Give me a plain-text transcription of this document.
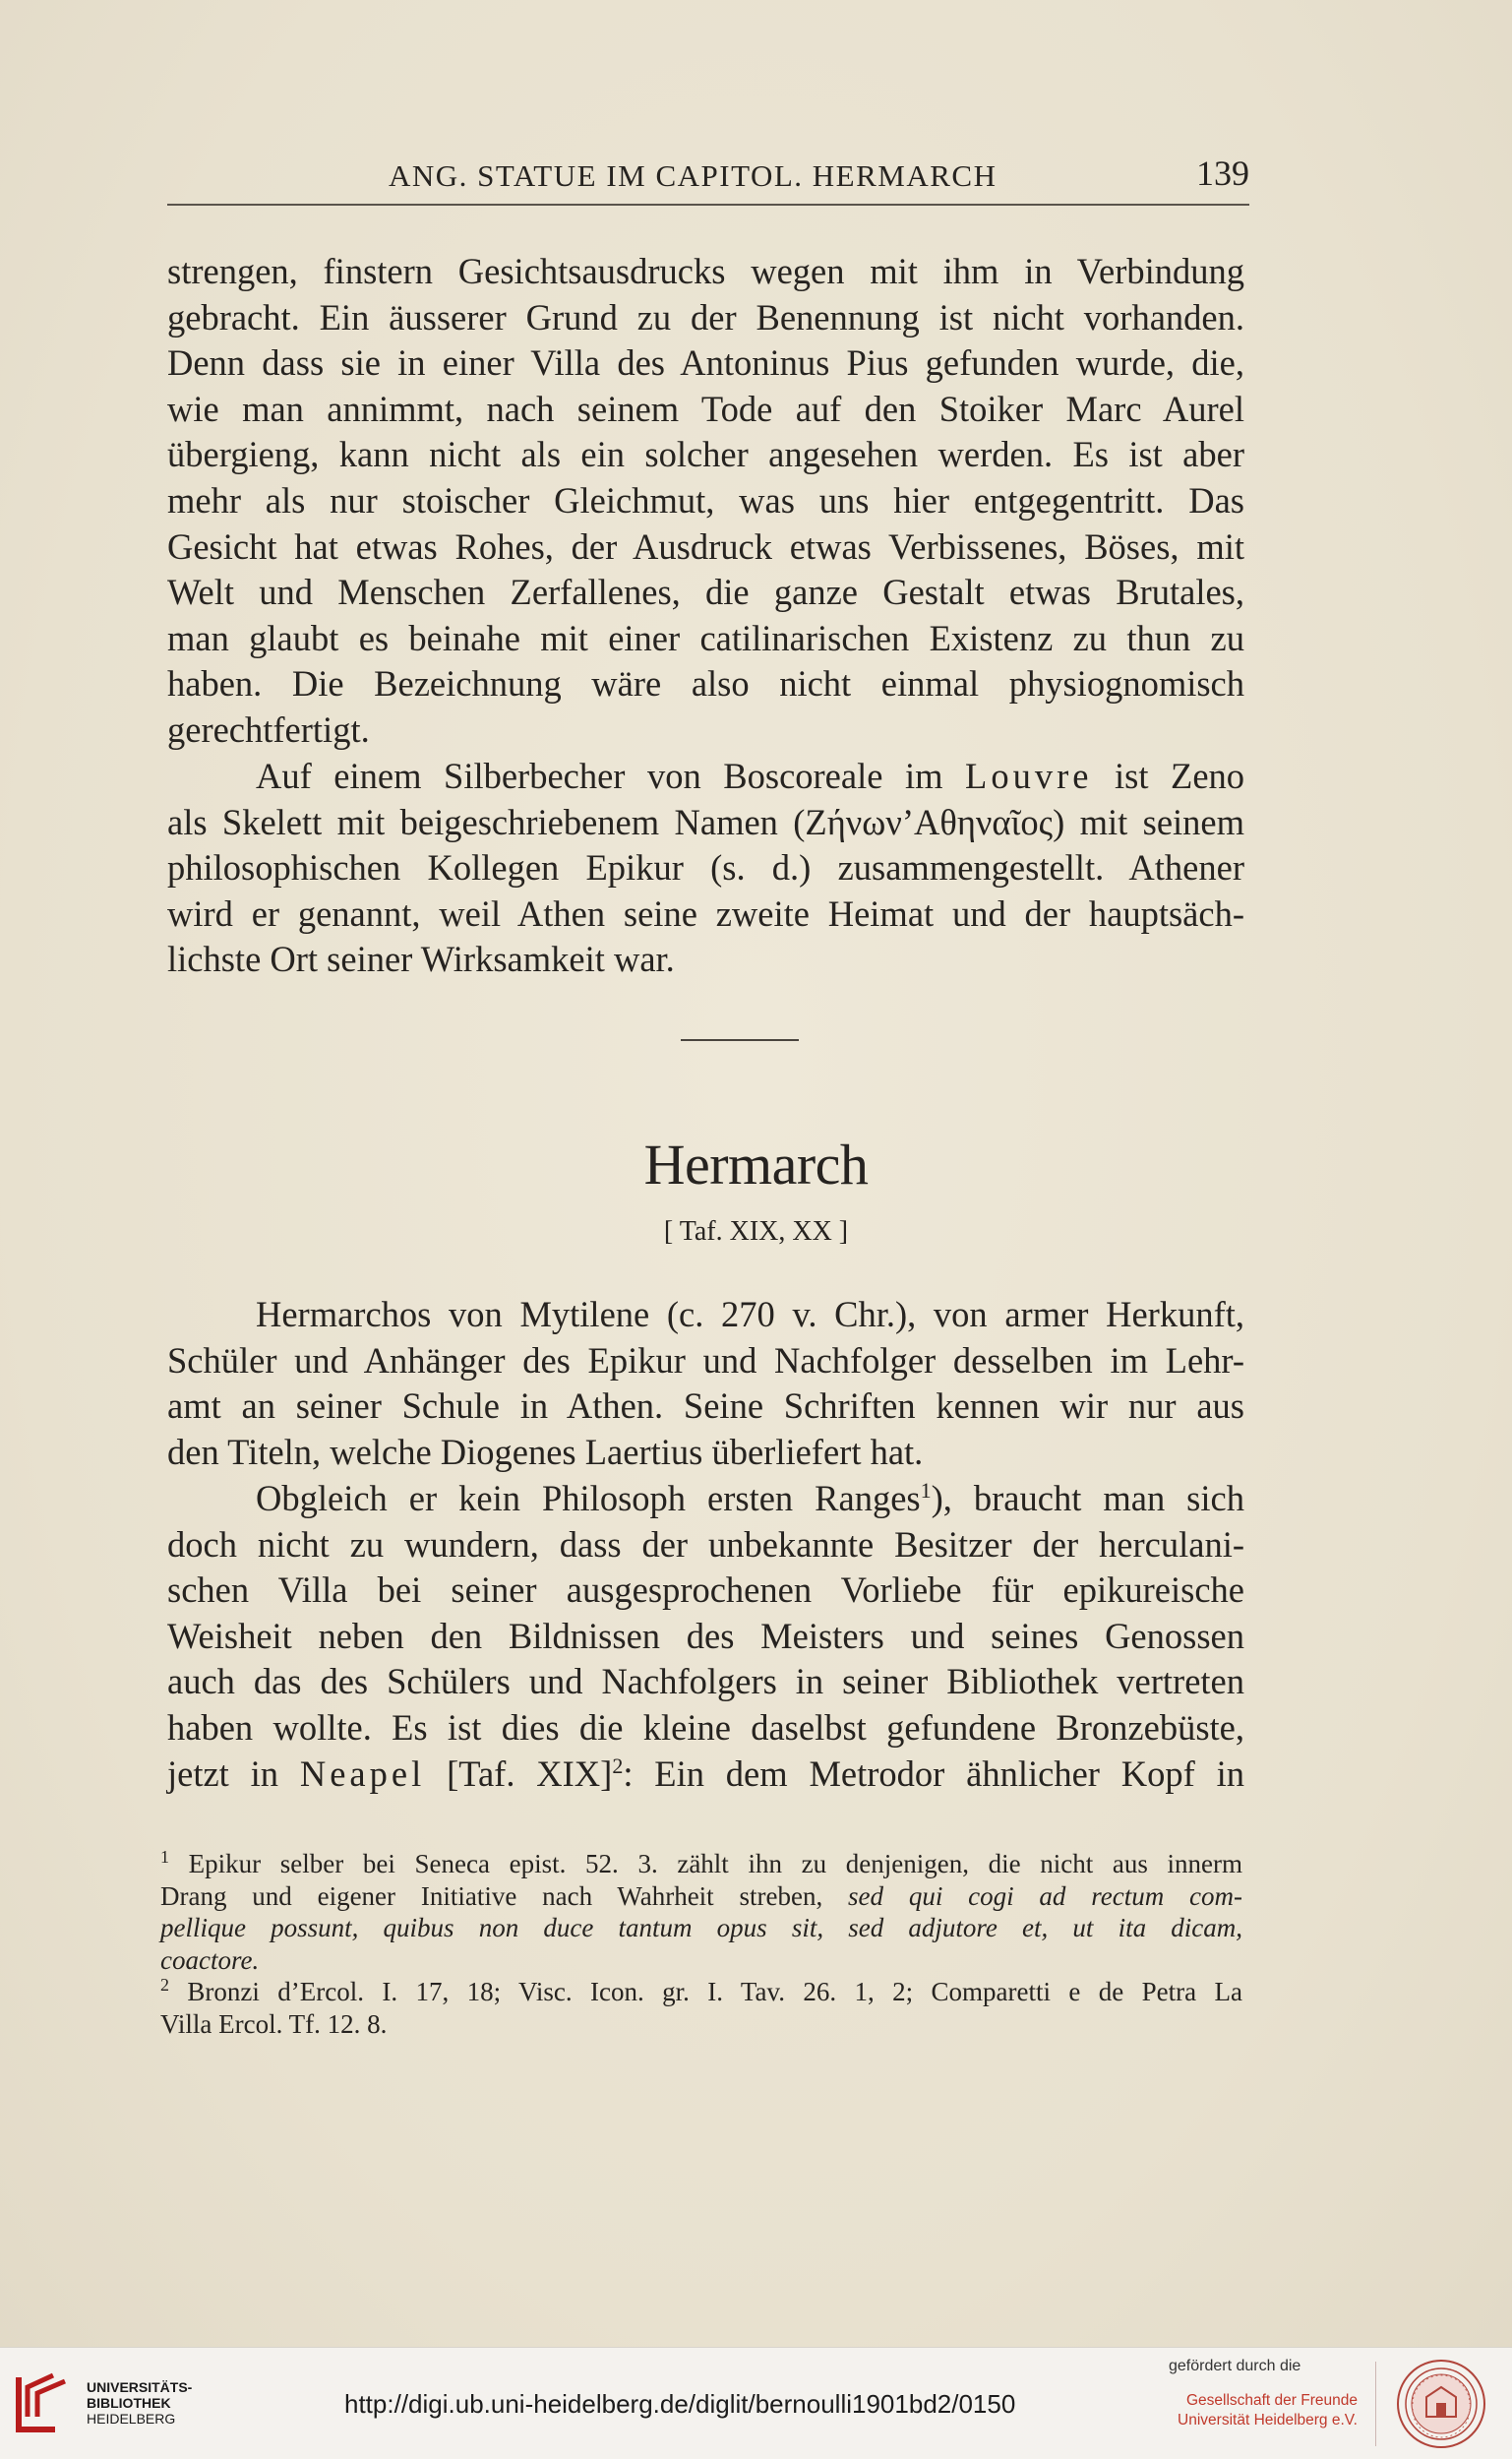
ANG. STATUE IM CAPITOL. HERMARCH	139

strengen, finstern Gesichtsausdrucks wegen mit ihm in Verbindung
gebracht. Ein äusserer Grund zu der Benennung ist nicht vorhanden.
Denn dass sie in einer Villa des Antoninus Pius gefunden wurde, die,
wie man annimmt, nach seinem Tode auf den Stoiker Marc Aurel
übergieng, kann nicht als ein solcher angesehen werden. Es ist aber
mehr als nur stoischer Gleichmut, was uns hier entgegentritt. Das
Gesicht hat etwas Rohes, der Ausdruck etwas Verbissenes, Böses, mit
Welt und Menschen Zerfallenes, die ganze Gestalt etwas Brutales,
man glaubt es beinahe mit einer catilinarischen Existenz zu thun zu
haben. Die Bezeichnung wäre also nicht einmal physiognomisch
gerechtfertigt.

Auf einem Silberbecher von Boscoreale im Louvre ist Zeno
als Skelett mit beigeschriebenem Namen (Ζήνων’Αθηναῖος) mit seinem
philosophischen Kollegen Epikur (s. d.) zusammengestellt. Athener
wird er genannt, weil Athen seine zweite Heimat und der hauptsäch-
lichste Ort seiner Wirksamkeit war.

Hermarch
[ Taf. XIX, XX ]

Hermarchos von Mytilene (c. 270 v. Chr.), von armer Herkunft,
Schüler und Anhänger des Epikur und Nachfolger desselben im Lehr-
amt an seiner Schule in Athen. Seine Schriften kennen wir nur aus
den Titeln, welche Diogenes Laertius überliefert hat.

Obgleich er kein Philosoph ersten Ranges$^1$), braucht man sich
doch nicht zu wundern, dass der unbekannte Besitzer der herculani-
schen Villa bei seiner ausgesprochenen Vorliebe für epikureische
Weisheit neben den Bildnissen des Meisters und seines Genossen
auch das des Schülers und Nachfolgers in seiner Bibliothek vertreten
haben wollte. Es ist dies die kleine daselbst gefundene Bronzebüste,
jetzt in Neapel [Taf. XIX]$^2$: Ein dem Metrodor ähnlicher Kopf in

$^1$ Epikur selber bei Seneca epist. 52. 3. zählt ihn zu denjenigen, die nicht aus innerm
Drang und eigener Initiative nach Wahrheit streben, sed qui cogi ad rectum com-
pellique possunt, quibus non duce tantum opus sit, sed adjutore et, ut ita dicam,
coactore.
$^2$ Bronzi d’Ercol. I. 17, 18; Visc. Icon. gr. I. Tav. 26. 1, 2; Comparetti e de Petra La
Villa Ercol. Tf. 12. 8.
UNIVERSITÄTS-
BIBLIOTHEK
HEIDELBERG	http://digi.ub.uni-heidelberg.de/diglit/bernoulli1901bd2/0150
gefördert durch die
Gesellschaft der Freunde
Universität Heidelberg e.V.
